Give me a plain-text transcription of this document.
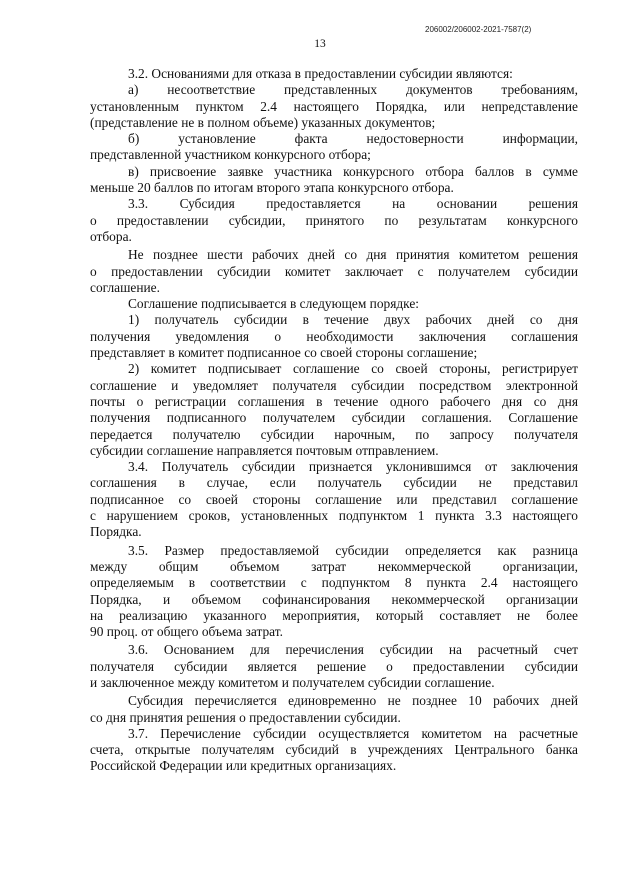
206002/206002-2021-7587(2)
13
3.2. Основаниями для отказа в предоставлении субсидии являются:
а) несоответствие представленных документов требованиям,
установленным пунктом 2.4 настоящего Порядка, или непредставление
(представление не в полном объеме) указанных документов;
б) установление факта недостоверности информации,
представленной участником конкурсного отбора;
в) присвоение заявке участника конкурсного отбора баллов в сумме
меньше 20 баллов по итогам второго этапа конкурсного отбора.
3.3. Субсидия предоставляется на основании решения
о предоставлении субсидии, принятого по результатам конкурсного
отбора.
Не позднее шести рабочих дней со дня принятия комитетом решения
о предоставлении субсидии комитет заключает с получателем субсидии
соглашение.
Соглашение подписывается в следующем порядке:
1) получатель субсидии в течение двух рабочих дней со дня
получения уведомления о необходимости заключения соглашения
представляет в комитет подписанное со своей стороны соглашение;
2) комитет подписывает соглашение со своей стороны, регистрирует
соглашение и уведомляет получателя субсидии посредством электронной
почты о регистрации соглашения в течение одного рабочего дня со дня
получения подписанного получателем субсидии соглашения. Соглашение
передается получателю субсидии нарочным, по запросу получателя
субсидии соглашение направляется почтовым отправлением.
3.4. Получатель субсидии признается уклонившимся от заключения
соглашения в случае, если получатель субсидии не представил
подписанное со своей стороны соглашение или представил соглашение
с нарушением сроков, установленных подпунктом 1 пункта 3.3 настоящего
Порядка.
3.5. Размер предоставляемой субсидии определяется как разница
между общим объемом затрат некоммерческой организации,
определяемым в соответствии с подпунктом 8 пункта 2.4 настоящего
Порядка, и объемом софинансирования некоммерческой организации
на реализацию указанного мероприятия, который составляет не более
90 проц. от общего объема затрат.
3.6. Основанием для перечисления субсидии на расчетный счет
получателя субсидии является решение о предоставлении субсидии
и заключенное между комитетом и получателем субсидии соглашение.
Субсидия перечисляется единовременно не позднее 10 рабочих дней
со дня принятия решения о предоставлении субсидии.
3.7. Перечисление субсидии осуществляется комитетом на расчетные
счета, открытые получателям субсидий в учреждениях Центрального банка
Российской Федерации или кредитных организациях.
